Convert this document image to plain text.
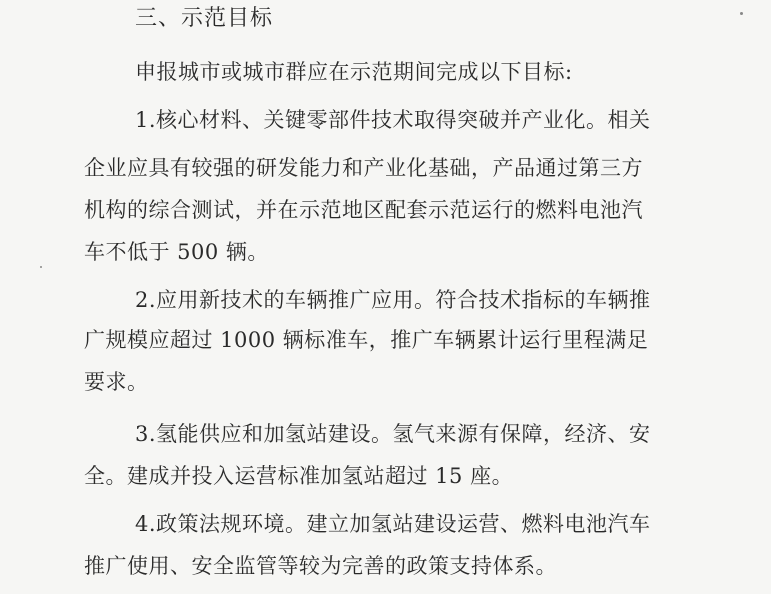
三、示范目标
申报城市或城市群应在示范期间完成以下目标:
1.核心材料、关键零部件技术取得突破并产业化。相关
企业应具有较强的研发能力和产业化基础，产品通过第三方
机构的综合测试，并在示范地区配套示范运行的燃料电池汽
车不低于 500 辆。
2.应用新技术的车辆推广应用。符合技术指标的车辆推
广规模应超过 1000 辆标准车，推广车辆累计运行里程满足
要求。
3.氢能供应和加氢站建设。氢气来源有保障，经济、安
全。建成并投入运营标准加氢站超过 15 座。
4.政策法规环境。建立加氢站建设运营、燃料电池汽车
推广使用、安全监管等较为完善的政策支持体系。
